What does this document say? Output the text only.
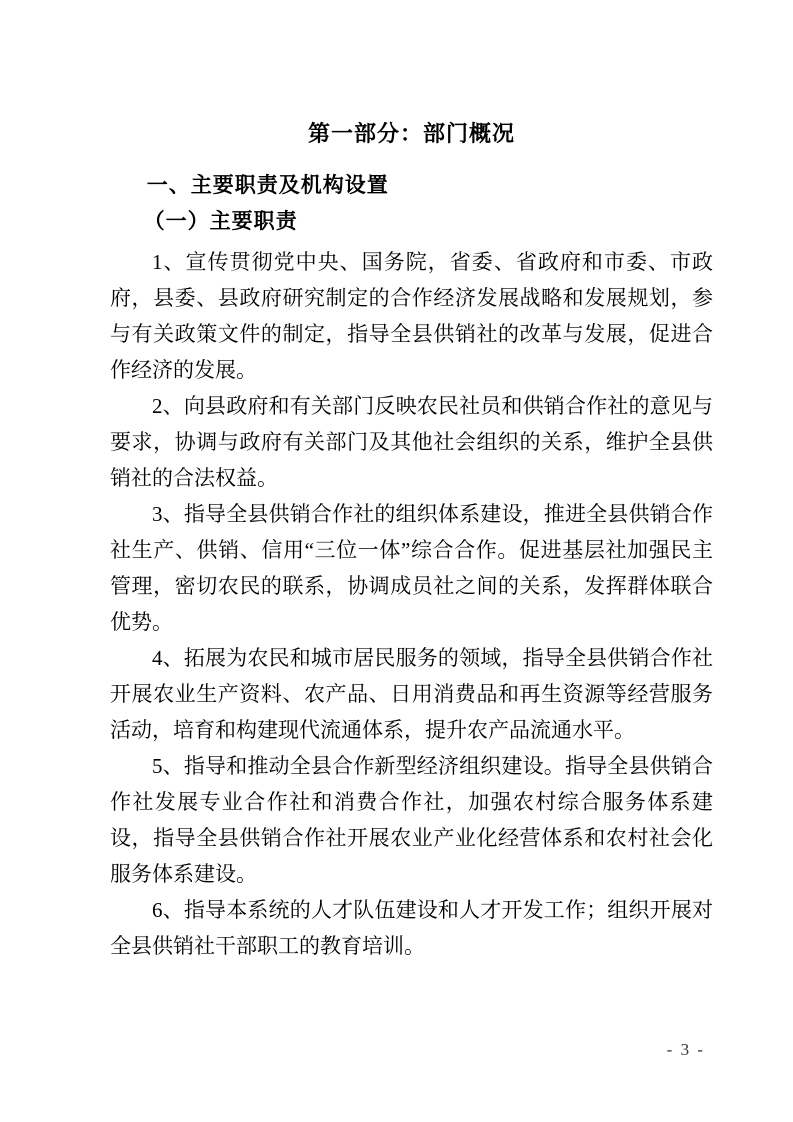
第一部分：部门概况
一、主要职责及机构设置
（一）主要职责

1、宣传贯彻党中央、国务院，省委、省政府和市委、市政府，县委、县政府研究制定的合作经济发展战略和发展规划，参与有关政策文件的制定，指导全县供销社的改革与发展，促进合作经济的发展。

2、向县政府和有关部门反映农民社员和供销合作社的意见与要求，协调与政府有关部门及其他社会组织的关系，维护全县供销社的合法权益。

3、指导全县供销合作社的组织体系建设，推进全县供销合作社生产、供销、信用“三位一体”综合合作。促进基层社加强民主管理，密切农民的联系，协调成员社之间的关系，发挥群体联合优势。

4、拓展为农民和城市居民服务的领域，指导全县供销合作社开展农业生产资料、农产品、日用消费品和再生资源等经营服务活动，培育和构建现代流通体系，提升农产品流通水平。

5、指导和推动全县合作新型经济组织建设。指导全县供销合作社发展专业合作社和消费合作社，加强农村综合服务体系建设，指导全县供销合作社开展农业产业化经营体系和农村社会化服务体系建设。

6、指导本系统的人才队伍建设和人才开发工作；组织开展对全县供销社干部职工的教育培训。

- 3 -
